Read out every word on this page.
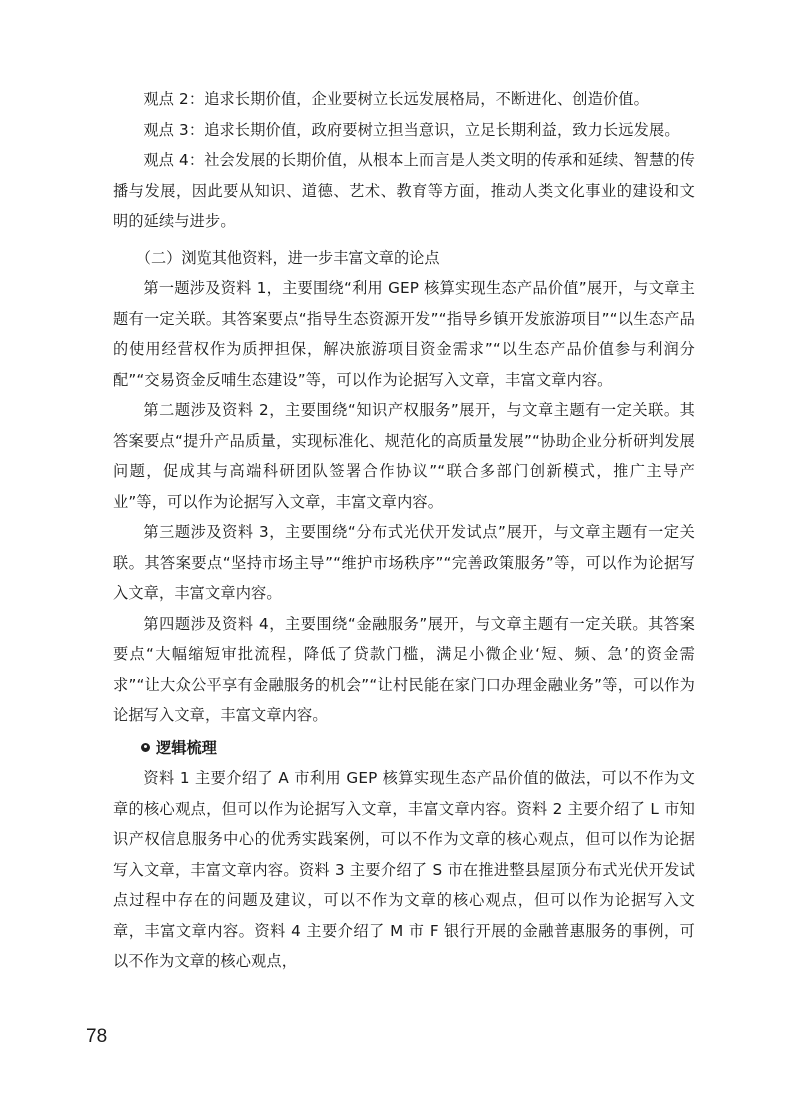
观点 2：追求长期价值，企业要树立长远发展格局，不断进化、创造价值。

观点 3：追求长期价值，政府要树立担当意识，立足长期利益，致力长远发展。

观点 4：社会发展的长期价值，从根本上而言是人类文明的传承和延续、智慧的传播与发展，因此要从知识、道德、艺术、教育等方面，推动人类文化事业的建设和文明的延续与进步。

（二）浏览其他资料，进一步丰富文章的论点

第一题涉及资料 1，主要围绕“利用 GEP 核算实现生态产品价值”展开，与文章主题有一定关联。其答案要点“指导生态资源开发”“指导乡镇开发旅游项目”“以生态产品的使用经营权作为质押担保，解决旅游项目资金需求”“以生态产品价值参与利润分配”“交易资金反哺生态建设”等，可以作为论据写入文章，丰富文章内容。

第二题涉及资料 2，主要围绕“知识产权服务”展开，与文章主题有一定关联。其答案要点“提升产品质量，实现标准化、规范化的高质量发展”“协助企业分析研判发展问题，促成其与高端科研团队签署合作协议”“联合多部门创新模式，推广主导产业”等，可以作为论据写入文章，丰富文章内容。

第三题涉及资料 3，主要围绕“分布式光伏开发试点”展开，与文章主题有一定关联。其答案要点“坚持市场主导”“维护市场秩序”“完善政策服务”等，可以作为论据写入文章，丰富文章内容。

第四题涉及资料 4，主要围绕“金融服务”展开，与文章主题有一定关联。其答案要点“大幅缩短审批流程，降低了贷款门槛，满足小微企业‘短、频、急’的资金需求”“让大众公平享有金融服务的机会”“让村民能在家门口办理金融业务”等，可以作为论据写入文章，丰富文章内容。

逻辑梳理

资料 1 主要介绍了 A 市利用 GEP 核算实现生态产品价值的做法，可以不作为文章的核心观点，但可以作为论据写入文章，丰富文章内容。资料 2 主要介绍了 L 市知识产权信息服务中心的优秀实践案例，可以不作为文章的核心观点，但可以作为论据写入文章，丰富文章内容。资料 3 主要介绍了 S 市在推进整县屋顶分布式光伏开发试点过程中存在的问题及建议，可以不作为文章的核心观点，但可以作为论据写入文章，丰富文章内容。资料 4 主要介绍了 M 市 F 银行开展的金融普惠服务的事例，可以不作为文章的核心观点，

78
